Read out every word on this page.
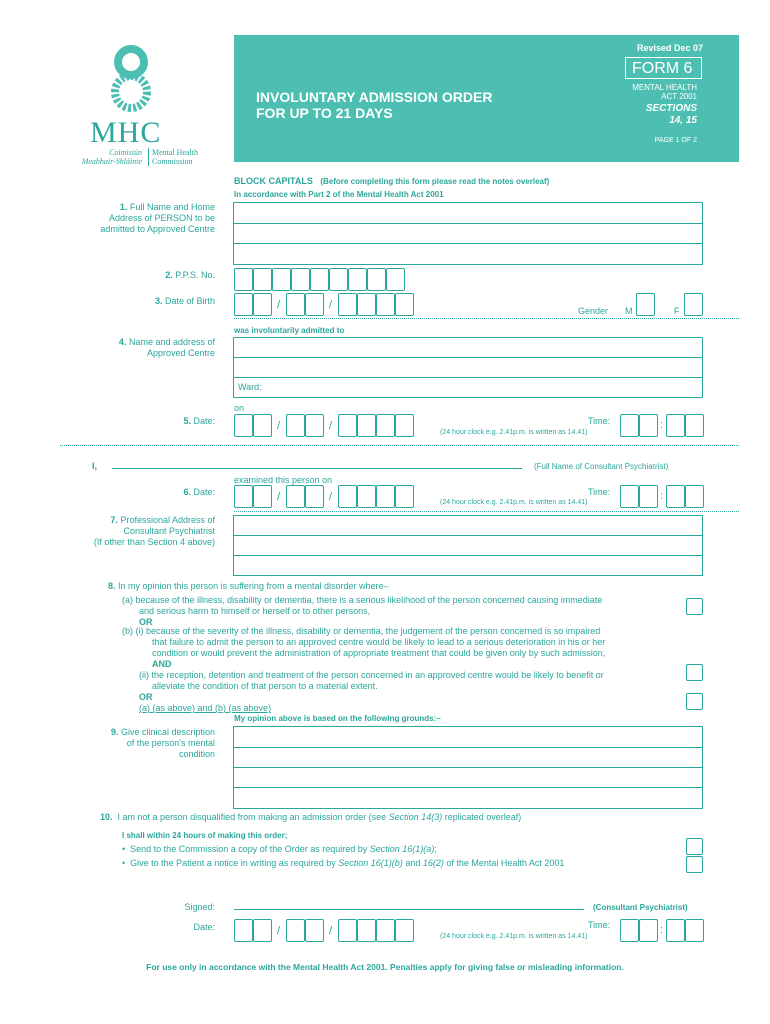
MHC
Coimisiún Meabhair-Shláinte
Mental Health Commission
Revised Dec 07
FORM 6
INVOLUNTARY ADMISSION ORDER
FOR UP TO 21 DAYS
MENTAL HEALTH
ACT 2001
SECTIONS
14, 15
PAGE 1 OF 2
BLOCK CAPITALS (Before completing this form please read the notes overleaf)
In accordance with Part 2 of the Mental Health Act 2001
1. Full Name and Home
Address of PERSON to be
admitted to Approved Centre
2. P.P.S. No.
3. Date of Birth	/	/	Gender M	F
was involuntarily admitted to
4. Name and address of
Approved Centre
Ward:
on
5. Date:	/	/	Time:
(24 hour clock e.g. 2.41p.m. is written as 14.41)
:
I,	(Full Name of Consultant Psychiatrist)
examined this person on
6. Date:	/	/	Time:
(24 hour clock e.g. 2.41p.m. is written as 14.41)
:
7. Professional Address of
Consultant Psychiatrist
(If other than Section 4 above)
8. In my opinion this person is suffering from a mental disorder where–
(a) because of the illness, disability or dementia, there is a serious likelihood of the person concerned causing immediate
and serious harm to himself or herself or to other persons,
OR
(b) (i) because of the severity of the illness, disability or dementia, the judgement of the person concerned is so impaired
that failure to admit the person to an approved centre would be likely to lead to a serious deterioration in his or her
condition or would prevent the administration of appropriate treatment that could be given only by such admission,
AND
(ii) the reception, detention and treatment of the person concerned in an approved centre would be likely to benefit or
alleviate the condition of that person to a material extent.
OR
(a) (as above) and (b) (as above)
My opinion above is based on the following grounds:–
9. Give clinical description
of the person's mental
condition
10. I am not a person disqualified from making an admission order (see Section 14(3) replicated overleaf)
I shall within 24 hours of making this order;
•  Send to the Commission a copy of the Order as required by Section 16(1)(a);
•  Give to the Patient a notice in writing as required by Section 16(1)(b) and 16(2) of the Mental Health Act 2001
Signed:	(Consultant Psychiatrist)
Date:	/	/	Time:
(24 hour clock e.g. 2.41p.m. is written as 14.41)
:
For use only in accordance with the Mental Health Act 2001. Penalties apply for giving false or misleading information.
